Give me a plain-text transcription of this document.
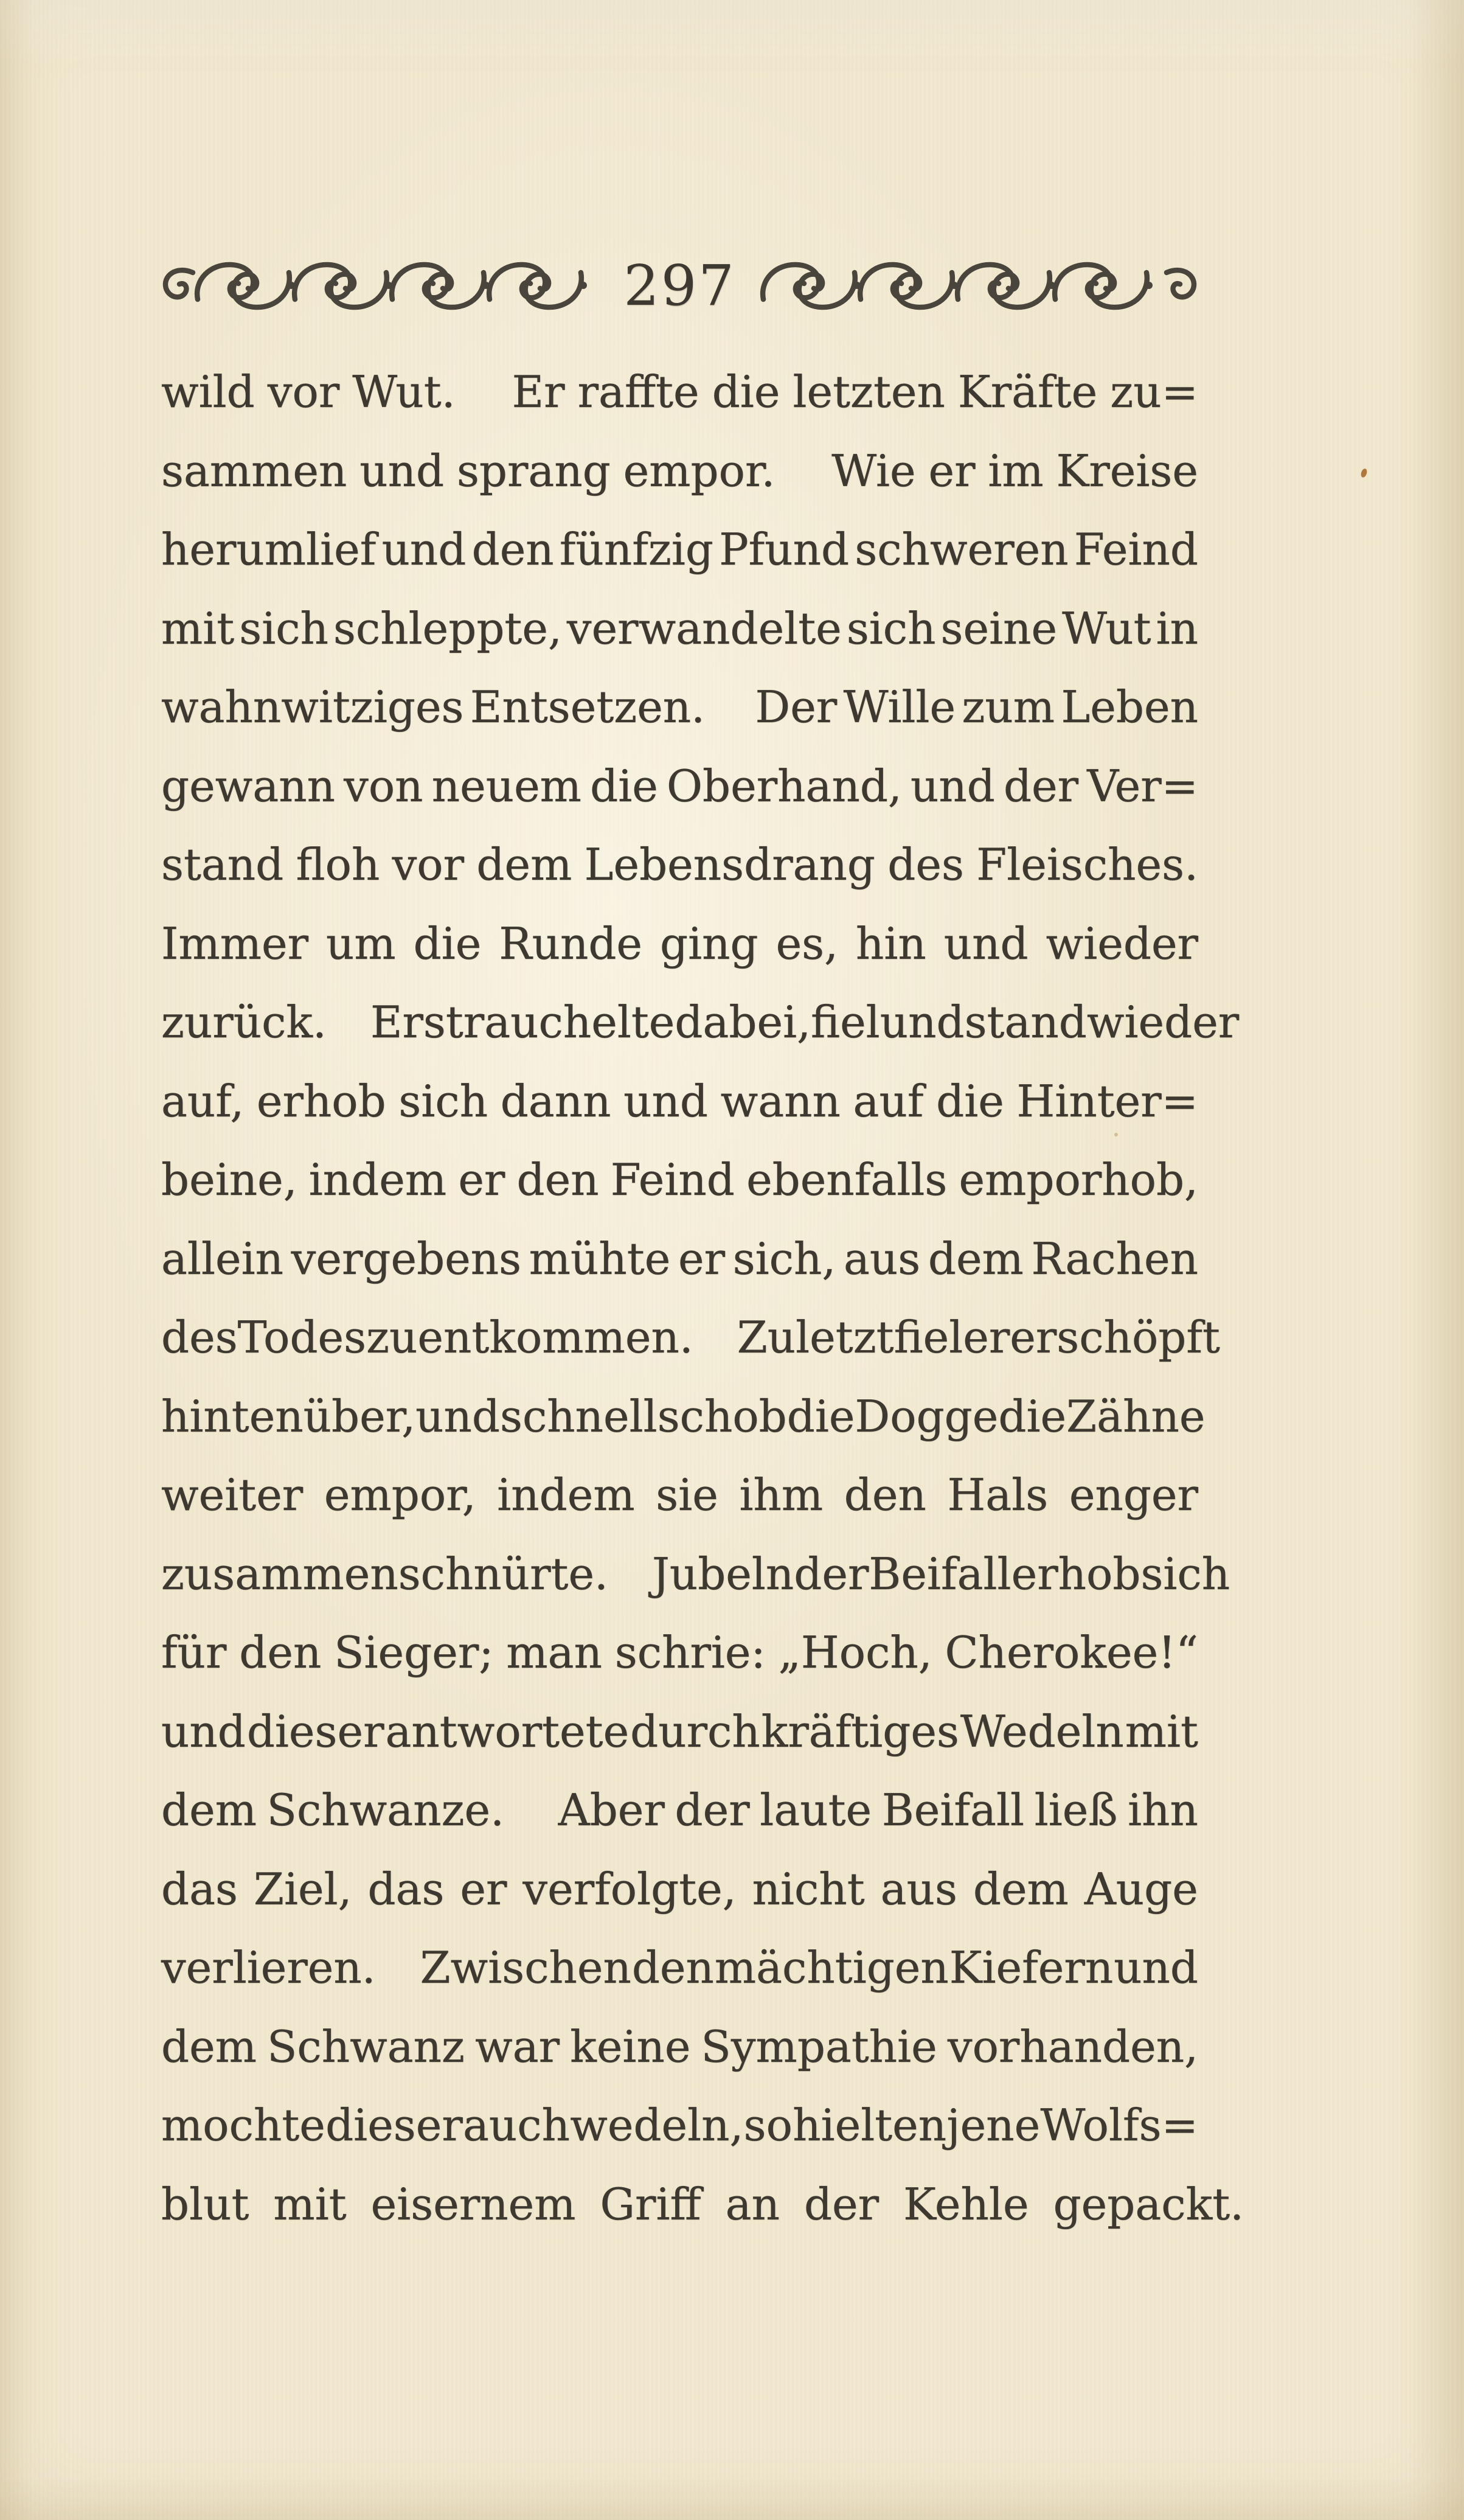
297
wild vor Wut.  Er raffte die letzten Kräfte zu=
sammen und sprang empor.  Wie er im Kreise
herumlief und den fünfzig Pfund schweren Feind
mit sich schleppte, verwandelte sich seine Wut in
wahnwitziges Entsetzen.  Der Wille zum Leben
gewann von neuem die Oberhand, und der Ver=
stand floh vor dem Lebensdrang des Fleisches.
Immer um die Runde ging es, hin und wieder
zurück.  Er strauchelte dabei, fiel und stand wieder
auf, erhob sich dann und wann auf die Hinter=
beine, indem er den Feind ebenfalls emporhob,
allein vergebens mühte er sich, aus dem Rachen
des Todes zu entkommen.  Zuletzt fiel er erschöpft
hintenüber, und schnell schob die Dogge die Zähne
weiter empor, indem sie ihm den Hals enger
zusammenschnürte.  Jubelnder Beifall erhob sich
für den Sieger; man schrie: „Hoch, Cherokee!“
und dieser antwortete durch kräftiges Wedeln mit
dem Schwanze.  Aber der laute Beifall ließ ihn
das Ziel, das er verfolgte, nicht aus dem Auge
verlieren.  Zwischen den mächtigen Kiefern und
dem Schwanz war keine Sympathie vorhanden,
mochte dieser auch wedeln, so hielten jene Wolfs=
blut mit eisernem Griff an der Kehle gepackt.
